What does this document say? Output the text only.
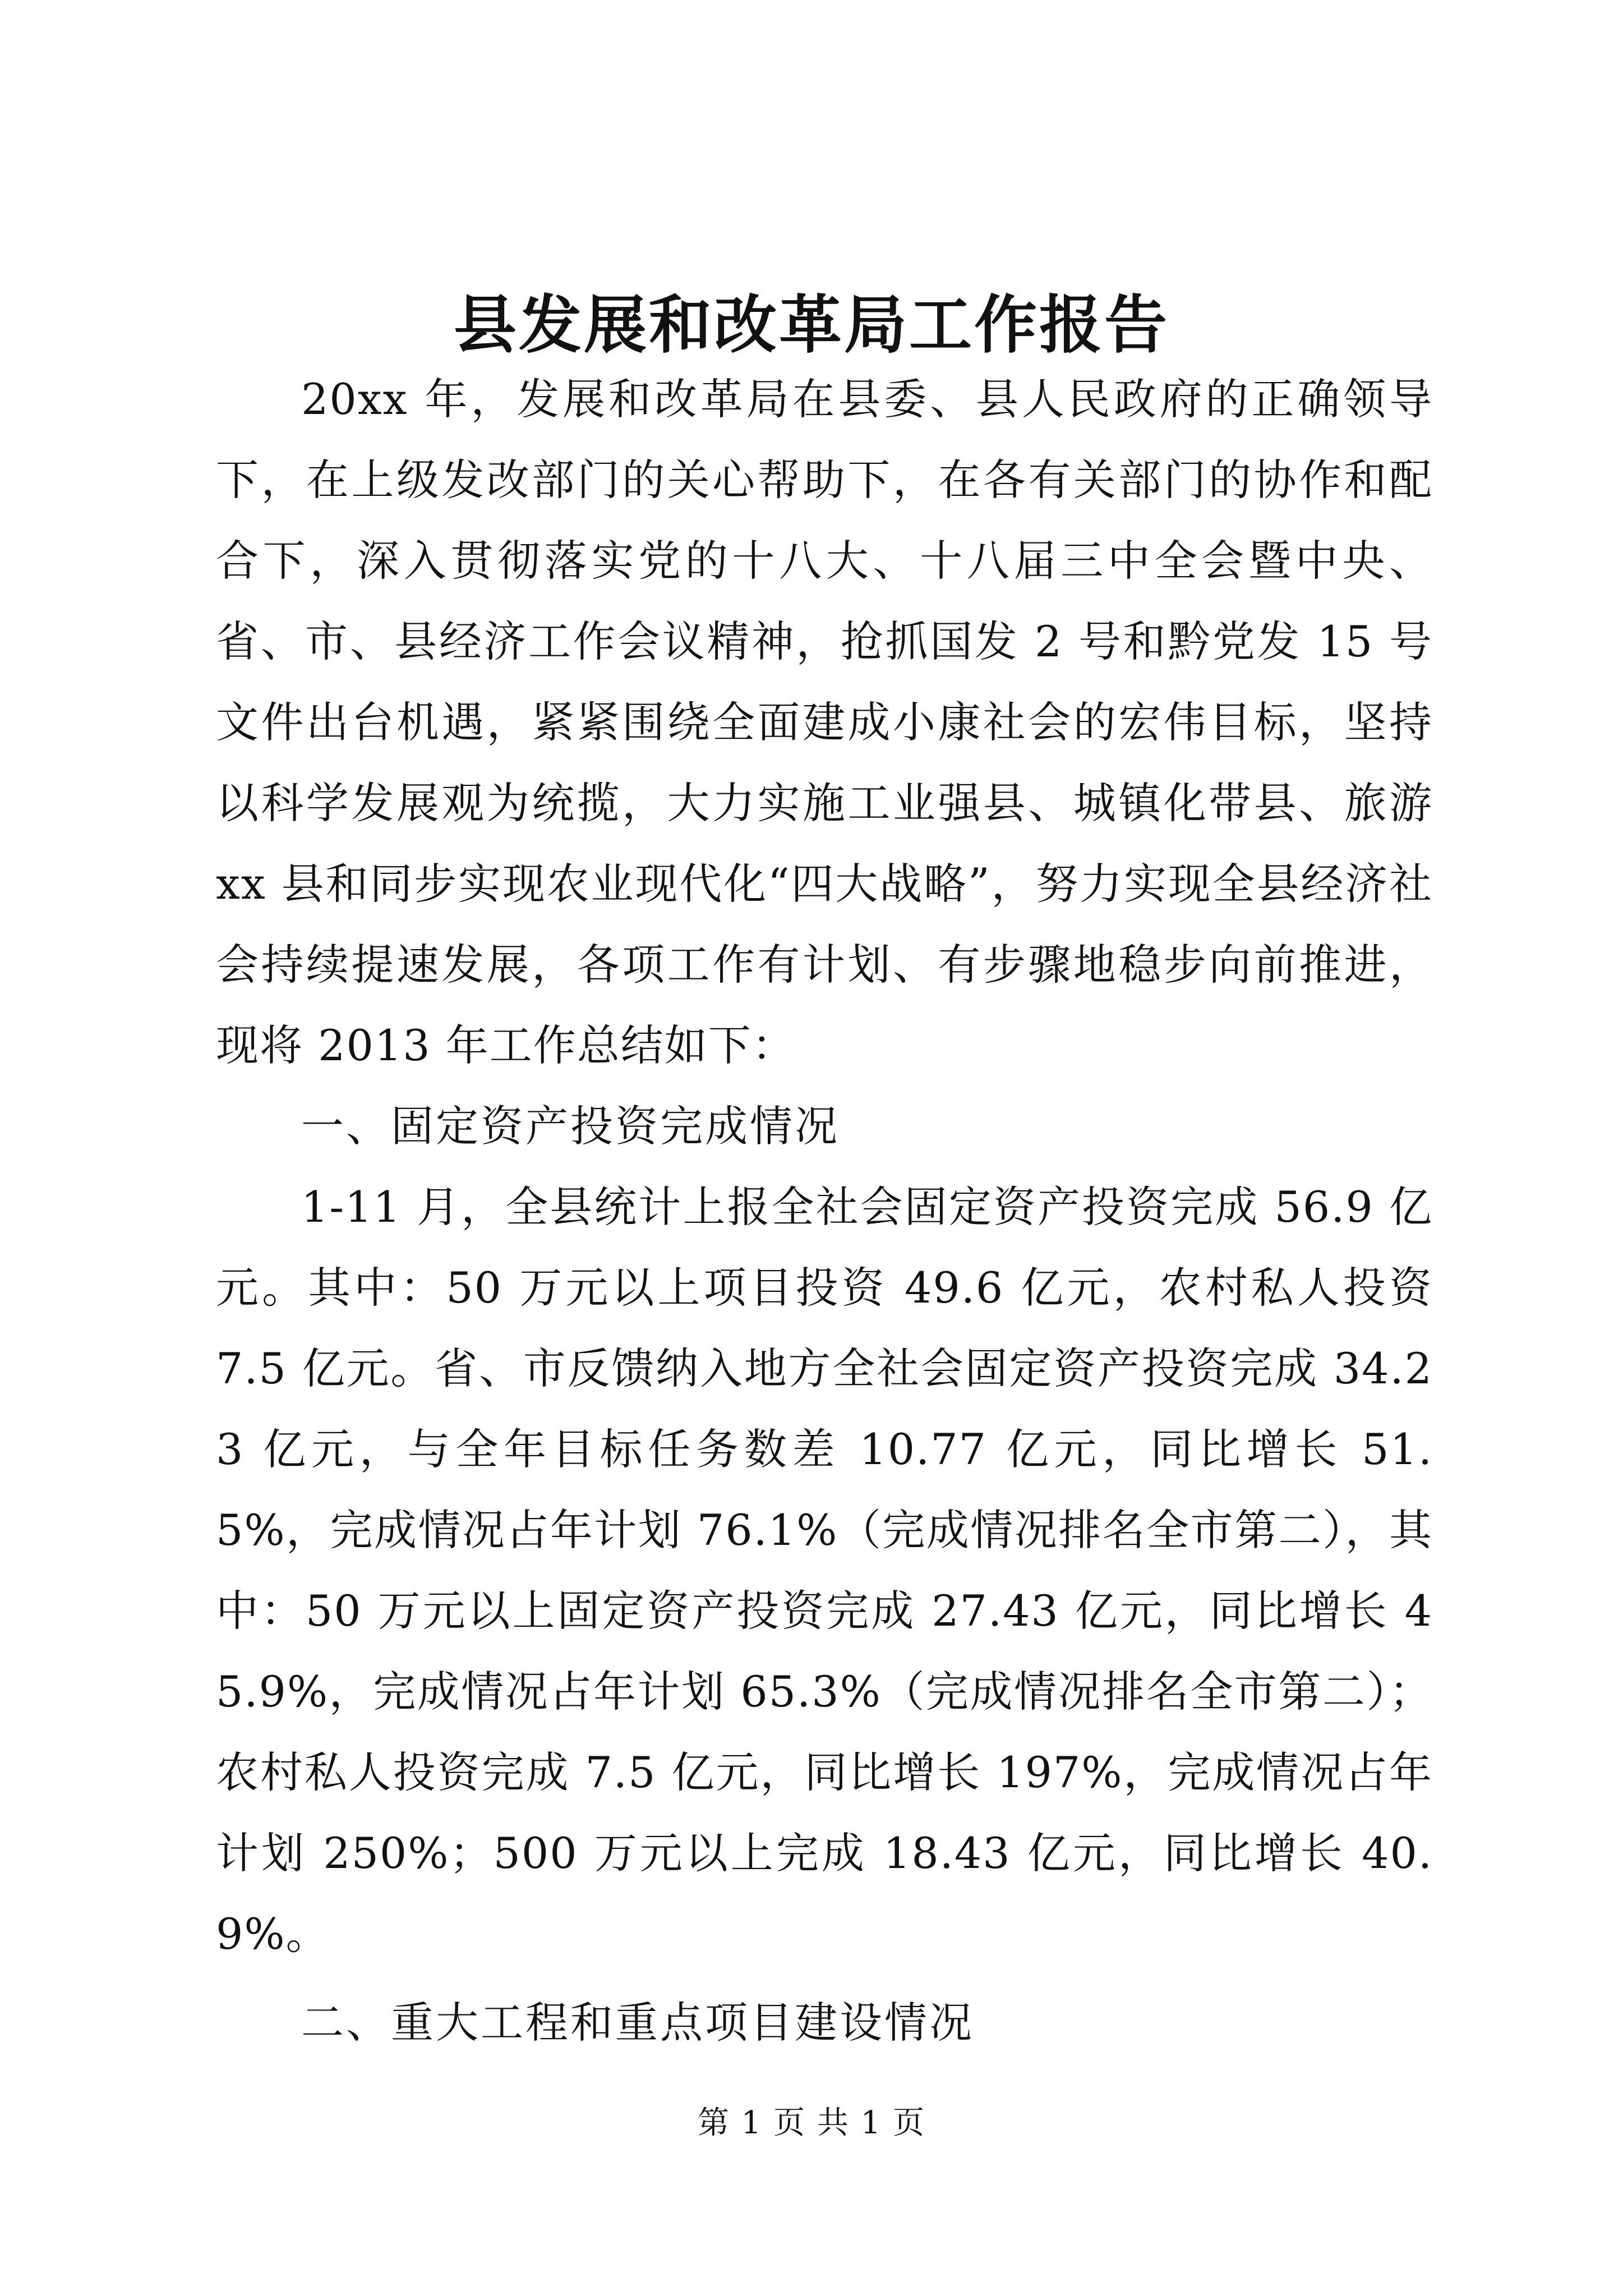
县发展和改革局工作报告

20xx 年，发展和改革局在县委、县人民政府的正确领导下，在上级发改部门的关心帮助下，在各有关部门的协作和配合下，深入贯彻落实党的十八大、十八届三中全会暨中央、省、市、县经济工作会议精神，抢抓国发 2 号和黔党发 15 号文件出台机遇，紧紧围绕全面建成小康社会的宏伟目标，坚持以科学发展观为统揽，大力实施工业强县、城镇化带县、旅游 xx 县和同步实现农业现代化“四大战略”，努力实现全县经济社会持续提速发展，各项工作有计划、有步骤地稳步向前推进，现将 2013 年工作总结如下：

一、固定资产投资完成情况

1-11 月，全县统计上报全社会固定资产投资完成 56.9 亿元。其中：50 万元以上项目投资 49.6 亿元，农村私人投资 7.5 亿元。省、市反馈纳入地方全社会固定资产投资完成 34.23 亿元，与全年目标任务数差 10.77 亿元，同比增长 51.5%，完成情况占年计划 76.1%（完成情况排名全市第二），其中：50 万元以上固定资产投资完成 27.43 亿元，同比增长 45.9%，完成情况占年计划 65.3%（完成情况排名全市第二）；农村私人投资完成 7.5 亿元，同比增长 197%，完成情况占年计划 250%；500 万元以上完成 18.43 亿元，同比增长 40.9%。

二、重大工程和重点项目建设情况

第 1 页 共 1 页
